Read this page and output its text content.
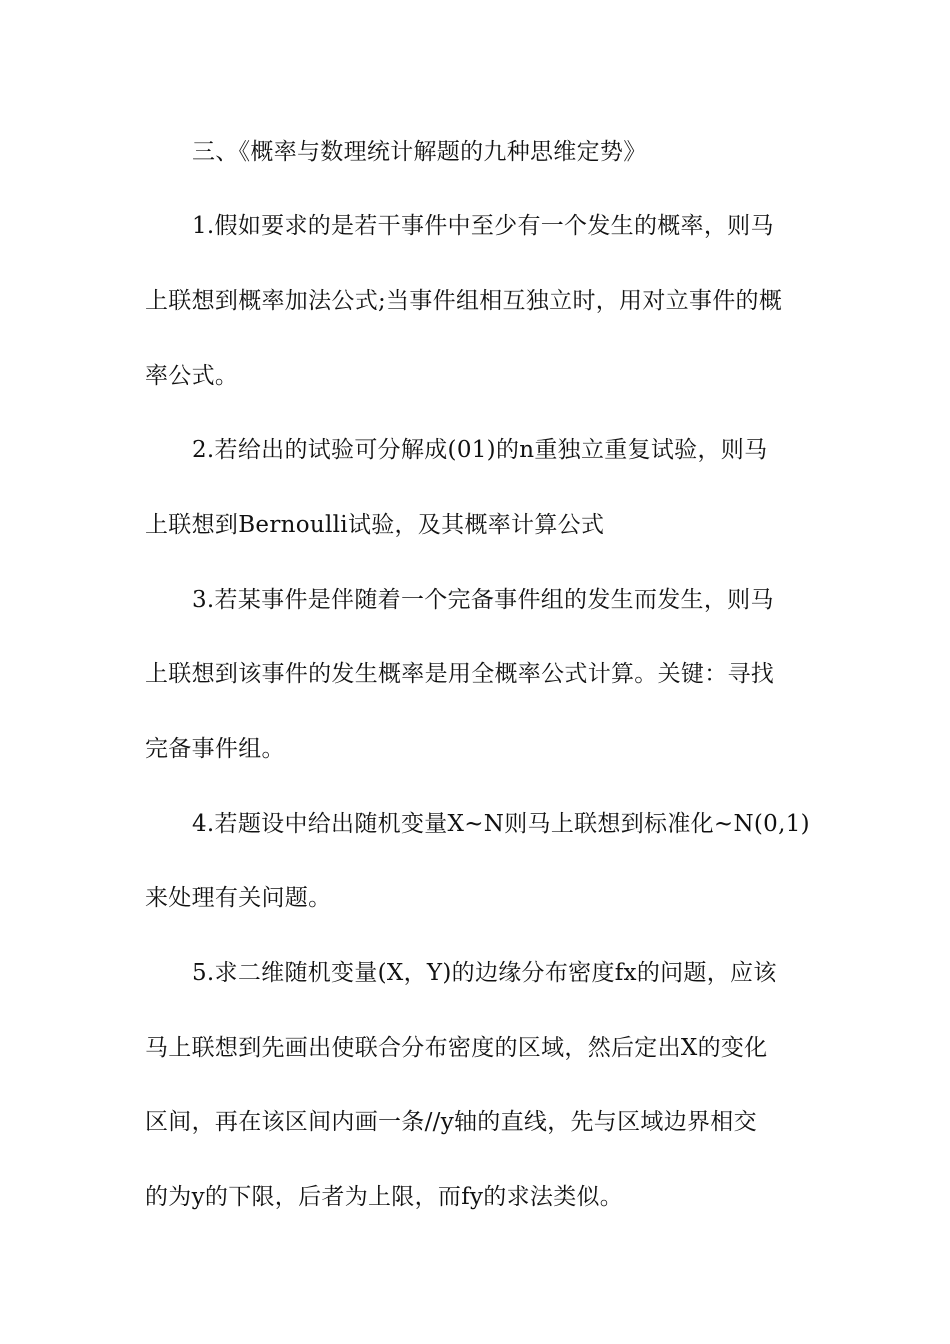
三、《概率与数理统计解题的九种思维定势》
1.假如要求的是若干事件中至少有一个发生的概率，则马
上联想到概率加法公式;当事件组相互独立时，用对立事件的概
率公式。
2.若给出的试验可分解成(01)的n重独立重复试验，则马
上联想到Bernoulli试验，及其概率计算公式
3.若某事件是伴随着一个完备事件组的发生而发生，则马
上联想到该事件的发生概率是用全概率公式计算。关键：寻找
完备事件组。
4.若题设中给出随机变量X~N则马上联想到标准化~N(0,1)
来处理有关问题。
5.求二维随机变量(X，Y)的边缘分布密度fx的问题，应该
马上联想到先画出使联合分布密度的区域，然后定出X的变化
区间，再在该区间内画一条//y轴的直线，先与区域边界相交
的为y的下限，后者为上限，而fy的求法类似。
